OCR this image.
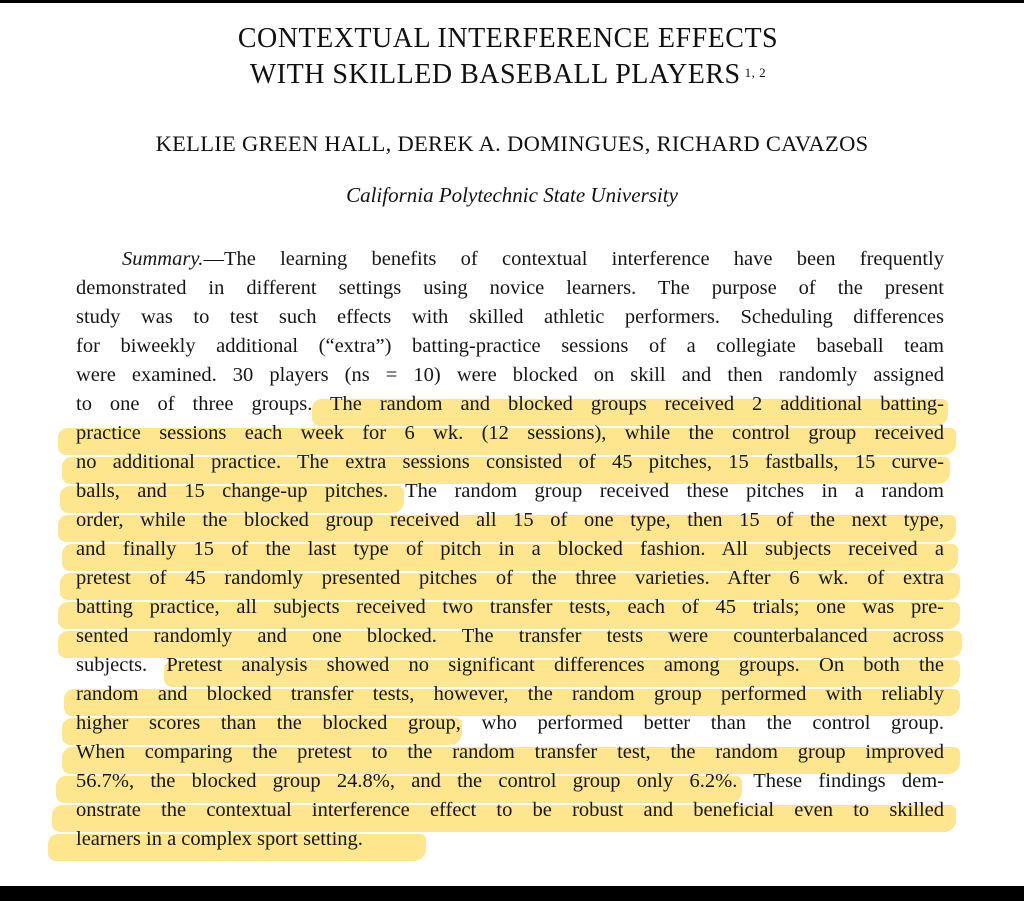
CONTEXTUAL INTERFERENCE EFFECTS
WITH SKILLED BASEBALL PLAYERS $^{1, 2}$
KELLIE GREEN HALL, DEREK A. DOMINGUES, RICHARD CAVAZOS
California Polytechnic State University
Summary.—The learning benefits of contextual interference have been frequently
demonstrated in different settings using novice learners. The purpose of the present
study was to test such effects with skilled athletic performers. Scheduling differences
for biweekly additional (“extra”) batting-practice sessions of a collegiate baseball team
were examined. 30 players (ns = 10) were blocked on skill and then randomly assigned
to one of three groups. The random and blocked groups received 2 additional batting-
practice sessions each week for 6 wk. (12 sessions), while the control group received
no additional practice. The extra sessions consisted of 45 pitches, 15 fastballs, 15 curve-
balls, and 15 change-up pitches. The random group received these pitches in a random
order, while the blocked group received all 15 of one type, then 15 of the next type,
and finally 15 of the last type of pitch in a blocked fashion. All subjects received a
pretest of 45 randomly presented pitches of the three varieties. After 6 wk. of extra
batting practice, all subjects received two transfer tests, each of 45 trials; one was pre-
sented randomly and one blocked. The transfer tests were counterbalanced across
subjects. Pretest analysis showed no significant differences among groups. On both the
random and blocked transfer tests, however, the random group performed with reliably
higher scores than the blocked group, who performed better than the control group.
When comparing the pretest to the random transfer test, the random group improved
56.7%, the blocked group 24.8%, and the control group only 6.2%. These findings dem-
onstrate the contextual interference effect to be robust and beneficial even to skilled
learners in a complex sport setting.
